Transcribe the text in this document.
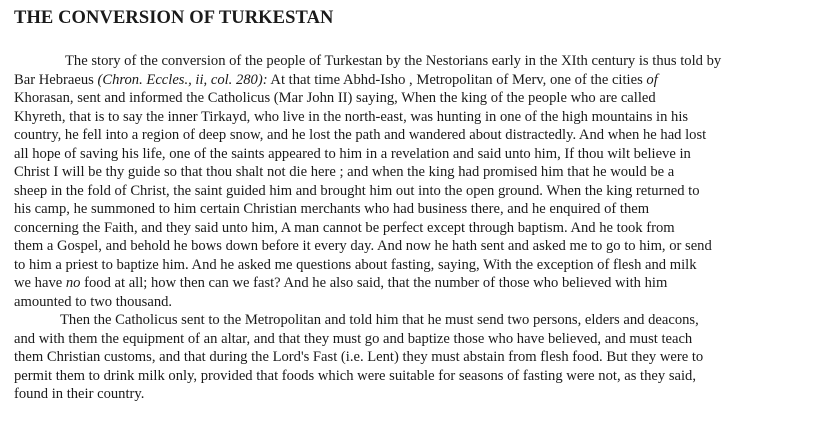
THE CONVERSION OF TURKESTAN
The story of the conversion of the people of Turkestan by the Nestorians early in the XIth century is thus told by
Bar Hebraeus (Chron. Eccles., ii, col. 280): At that time Abhd-Isho , Metropolitan of Merv, one of the cities of
Khorasan, sent and informed the Catholicus (Mar John II) saying, When the king of the people who are called
Khyreth, that is to say the inner Tirkayd, who live in the north-east, was hunting in one of the high mountains in his
country, he fell into a region of deep snow, and he lost the path and wandered about distractedly. And when he had lost
all hope of saving his life, one of the saints appeared to him in a revelation and said unto him, If thou wilt believe in
Christ I will be thy guide so that thou shalt not die here ; and when the king had promised him that he would be a
sheep in the fold of Christ, the saint guided him and brought him out into the open ground. When the king returned to
his camp, he summoned to him certain Christian merchants who had business there, and he enquired of them
concerning the Faith, and they said unto him, A man cannot be perfect except through baptism. And he took from
them a Gospel, and behold he bows down before it every day. And now he hath sent and asked me to go to him, or send
to him a priest to baptize him. And he asked me questions about fasting, saying, With the exception of flesh and milk
we have no food at all; how then can we fast? And he also said, that the number of those who believed with him
amounted to two thousand.
Then the Catholicus sent to the Metropolitan and told him that he must send two persons, elders and deacons,
and with them the equipment of an altar, and that they must go and baptize those who have believed, and must teach
them Christian customs, and that during the Lord's Fast (i.e. Lent) they must abstain from flesh food. But they were to
permit them to drink milk only, provided that foods which were suitable for seasons of fasting were not, as they said,
found in their country.
